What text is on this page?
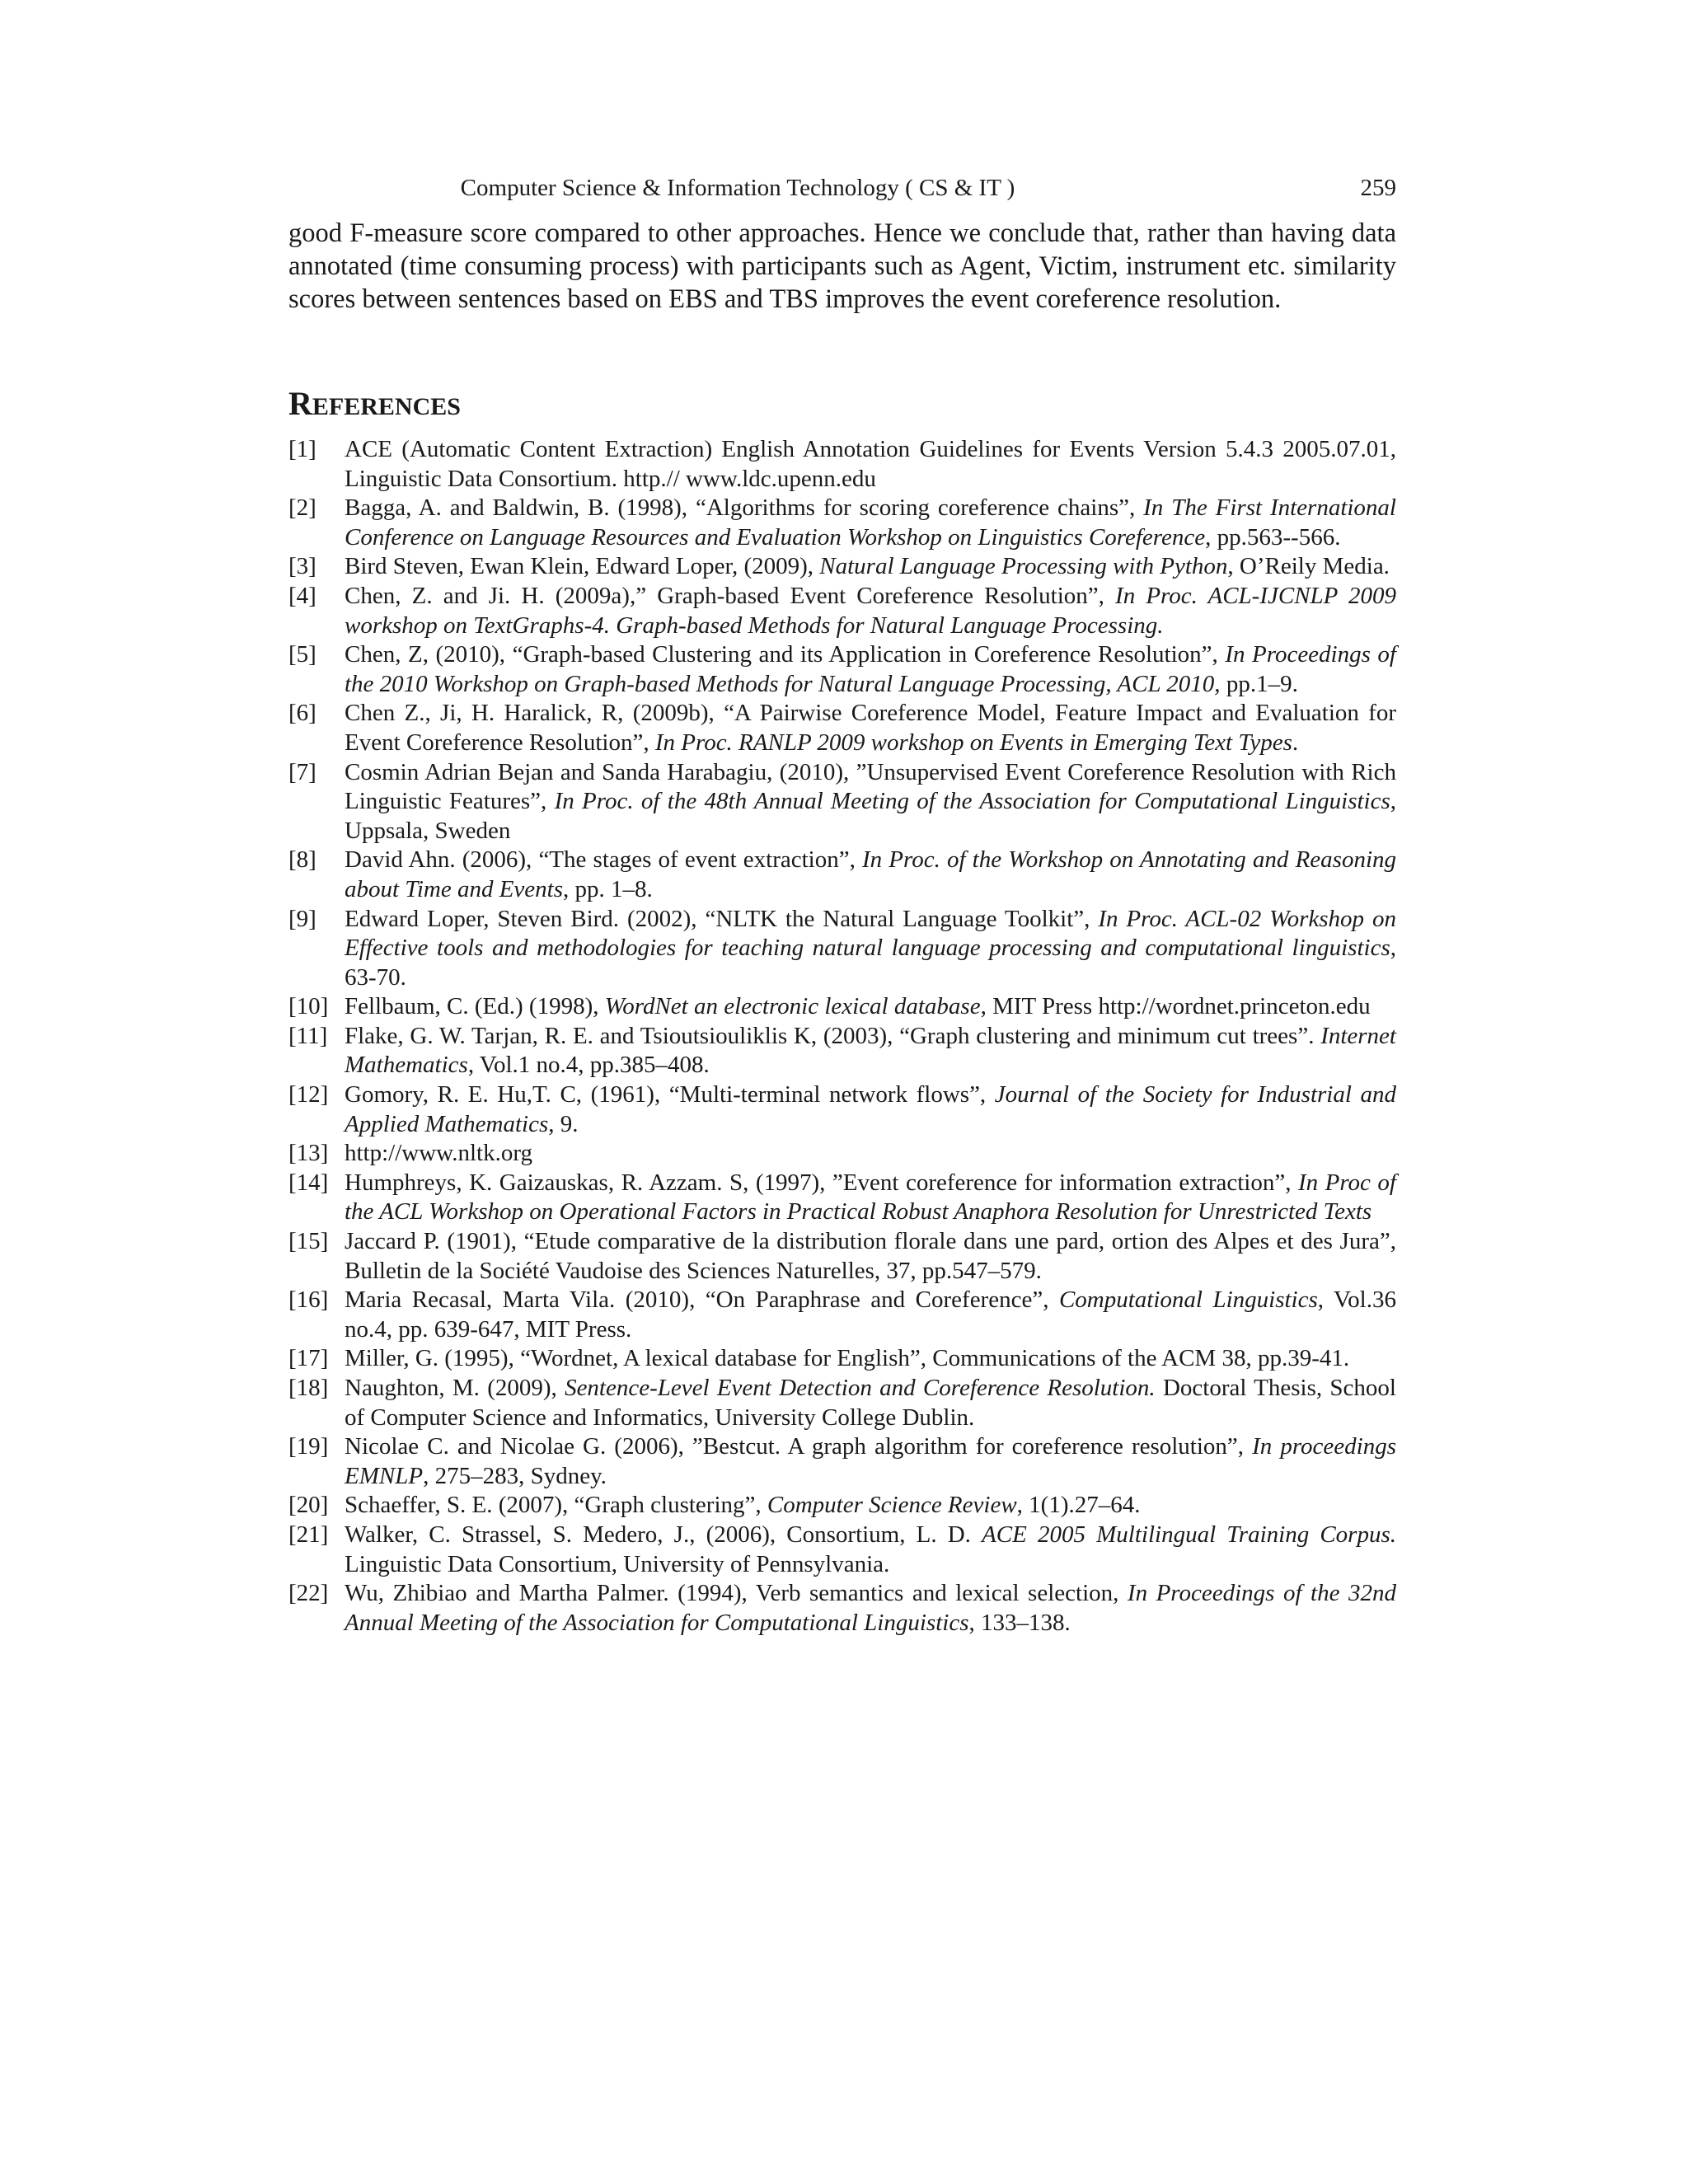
Computer Science & Information Technology ( CS & IT )	259

good F-measure score compared to other approaches. Hence we conclude that, rather than having data annotated (time consuming process) with participants such as Agent, Victim, instrument etc. similarity scores between sentences based on EBS and TBS improves the event coreference resolution.

REFERENCES
[1] ACE (Automatic Content Extraction) English Annotation Guidelines for Events Version 5.4.3 2005.07.01, Linguistic Data Consortium. http.// www.ldc.upenn.edu
[2] Bagga, A. and Baldwin, B. (1998), “Algorithms for scoring coreference chains”, In The First International Conference on Language Resources and Evaluation Workshop on Linguistics Coreference, pp.563--566.
[3] Bird Steven, Ewan Klein, Edward Loper, (2009), Natural Language Processing with Python, O’Reily Media.
[4] Chen, Z. and Ji. H. (2009a),” Graph-based Event Coreference Resolution”, In Proc. ACL-IJCNLP 2009 workshop on TextGraphs-4. Graph-based Methods for Natural Language Processing.
[5] Chen, Z, (2010), “Graph-based Clustering and its Application in Coreference Resolution”, In Proceedings of the 2010 Workshop on Graph-based Methods for Natural Language Processing, ACL 2010, pp.1–9.
[6] Chen Z., Ji, H. Haralick, R, (2009b), “A Pairwise Coreference Model, Feature Impact and Evaluation for Event Coreference Resolution”, In Proc. RANLP 2009 workshop on Events in Emerging Text Types.
[7] Cosmin Adrian Bejan and Sanda Harabagiu, (2010), ”Unsupervised Event Coreference Resolution with Rich Linguistic Features”, In Proc. of the 48th Annual Meeting of the Association for Computational Linguistics, Uppsala, Sweden
[8] David Ahn. (2006), “The stages of event extraction”, In Proc. of the Workshop on Annotating and Reasoning about Time and Events, pp. 1–8.
[9] Edward Loper, Steven Bird. (2002), “NLTK the Natural Language Toolkit”, In Proc. ACL-02 Workshop on Effective tools and methodologies for teaching natural language processing and computational linguistics, 63-70.
[10] Fellbaum, C. (Ed.) (1998), WordNet an electronic lexical database, MIT Press http://wordnet.princeton.edu
[11] Flake, G. W. Tarjan, R. E. and Tsioutsiouliklis K, (2003), “Graph clustering and minimum cut trees”. Internet Mathematics, Vol.1 no.4, pp.385–408.
[12] Gomory, R. E. Hu,T. C, (1961), “Multi-terminal network flows”, Journal of the Society for Industrial and Applied Mathematics, 9.
[13] http://www.nltk.org
[14] Humphreys, K. Gaizauskas, R. Azzam. S, (1997), ”Event coreference for information extraction”, In Proc of the ACL Workshop on Operational Factors in Practical Robust Anaphora Resolution for Unrestricted Texts
[15] Jaccard P. (1901), “Etude comparative de la distribution florale dans une pard, ortion des Alpes et des Jura”, Bulletin de la Société Vaudoise des Sciences Naturelles, 37, pp.547–579.
[16] Maria Recasal, Marta Vila. (2010), “On Paraphrase and Coreference”, Computational Linguistics, Vol.36 no.4, pp. 639-647, MIT Press.
[17] Miller, G. (1995), “Wordnet, A lexical database for English”, Communications of the ACM 38, pp.39-41.
[18] Naughton, M. (2009), Sentence-Level Event Detection and Coreference Resolution. Doctoral Thesis, School of Computer Science and Informatics, University College Dublin.
[19] Nicolae C. and Nicolae G. (2006), ”Bestcut. A graph algorithm for coreference resolution”, In proceedings EMNLP, 275–283, Sydney.
[20] Schaeffer, S. E. (2007), “Graph clustering”, Computer Science Review, 1(1).27–64.
[21] Walker, C. Strassel, S. Medero, J., (2006), Consortium, L. D. ACE 2005 Multilingual Training Corpus. Linguistic Data Consortium, University of Pennsylvania.
[22] Wu, Zhibiao and Martha Palmer. (1994), Verb semantics and lexical selection, In Proceedings of the 32nd Annual Meeting of the Association for Computational Linguistics, 133–138.
